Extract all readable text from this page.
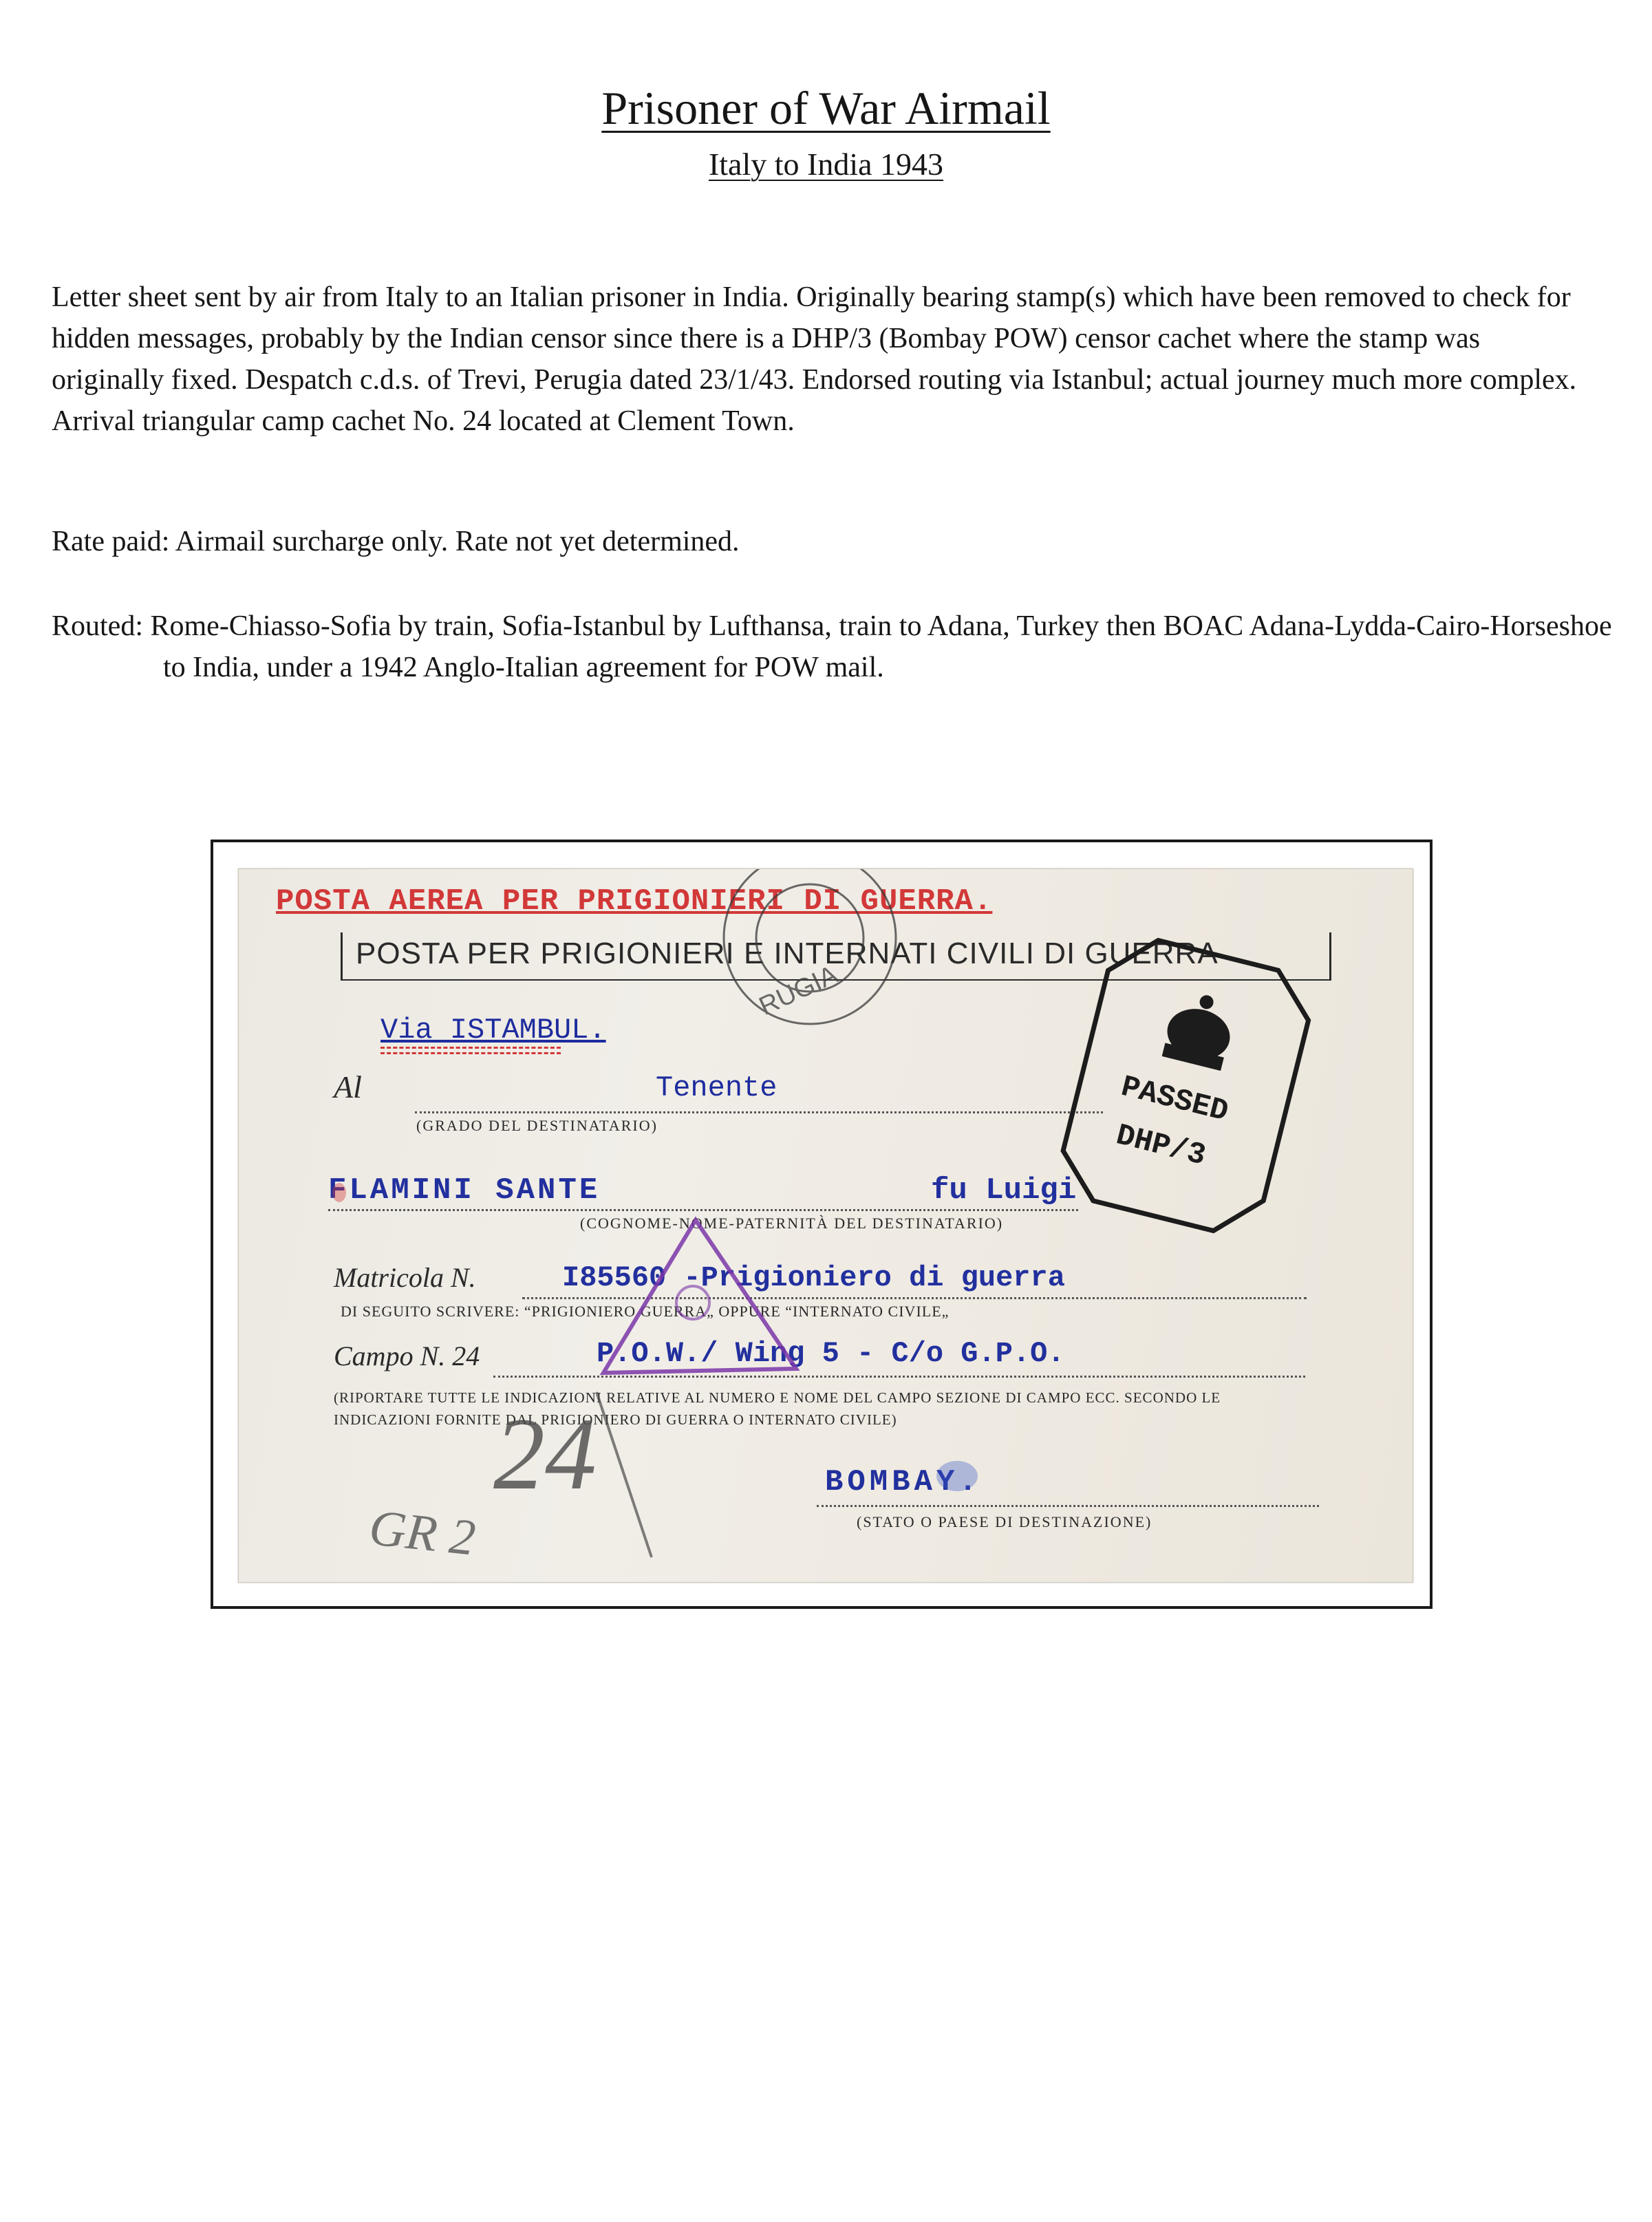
Prisoner of War Airmail
Italy to India 1943
Letter sheet sent by air from Italy to an Italian prisoner in India. Originally bearing stamp(s) which have been removed to check for hidden messages, probably by the Indian censor since there is a DHP/3 (Bombay POW) censor cachet where the stamp was originally fixed. Despatch c.d.s. of Trevi, Perugia dated 23/1/43. Endorsed routing via Istanbul; actual journey much more complex. Arrival triangular camp cachet No. 24 located at Clement Town.
Rate paid: Airmail surcharge only. Rate not yet determined.
Routed: Rome-Chiasso-Sofia by train, Sofia-Istanbul by Lufthansa, train to Adana, Turkey then BOAC Adana-Lydda-Cairo-Horseshoe to India, under a 1942 Anglo-Italian agreement for POW mail.
POSTA AEREA PER PRIGIONIERI DI GUERRA.
POSTA PER PRIGIONIERI E INTERNATI CIVILI DI GUERRA
Via ISTAMBUL.
Al	Tenente
(GRADO DEL DESTINATARIO)
FLAMINI SANTE	fu Luigi
(COGNOME-NOME-PATERNITÀ DEL DESTINATARIO)
Matricola N.	I85560 -Prigioniero di guerra
DI SEGUITO SCRIVERE: “PRIGIONIERO GUERRA„ OPPURE “INTERNATO CIVILE„
Campo N. 24	P.O.W./ Wing 5 - C/o G.P.O.
(RIPORTARE TUTTE LE INDICAZIONI RELATIVE AL NUMERO E NOME DEL CAMPO SEZIONE DI CAMPO ECC. SECONDO LE INDICAZIONI FORNITE DAL PRIGIONIERO DI GUERRA O INTERNATO CIVILE)
BOMBAY.
(STATO O PAESE DI DESTINAZIONE)
RUGIA
PASSED
DHP/3
24
GR 2
